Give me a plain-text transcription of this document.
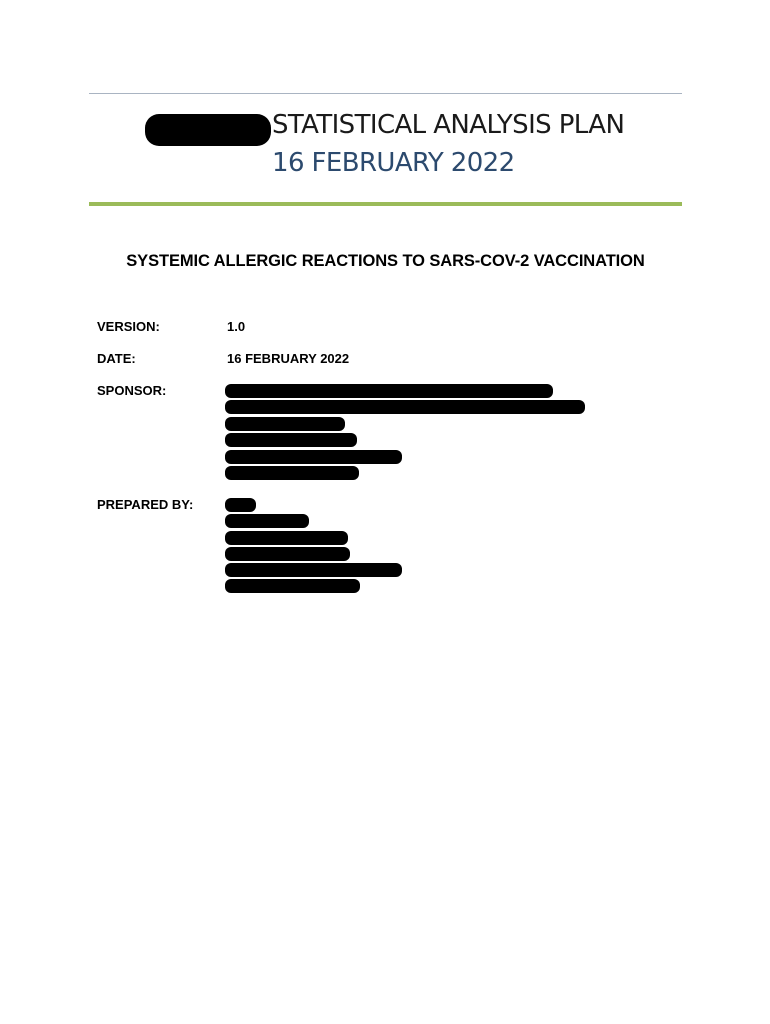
STATISTICAL ANALYSIS PLAN
16 FEBRUARY 2022
SYSTEMIC ALLERGIC REACTIONS TO SARS-COV-2 VACCINATION
VERSION:	1.0
DATE:	16 FEBRUARY 2022
SPONSOR:
PREPARED BY:
